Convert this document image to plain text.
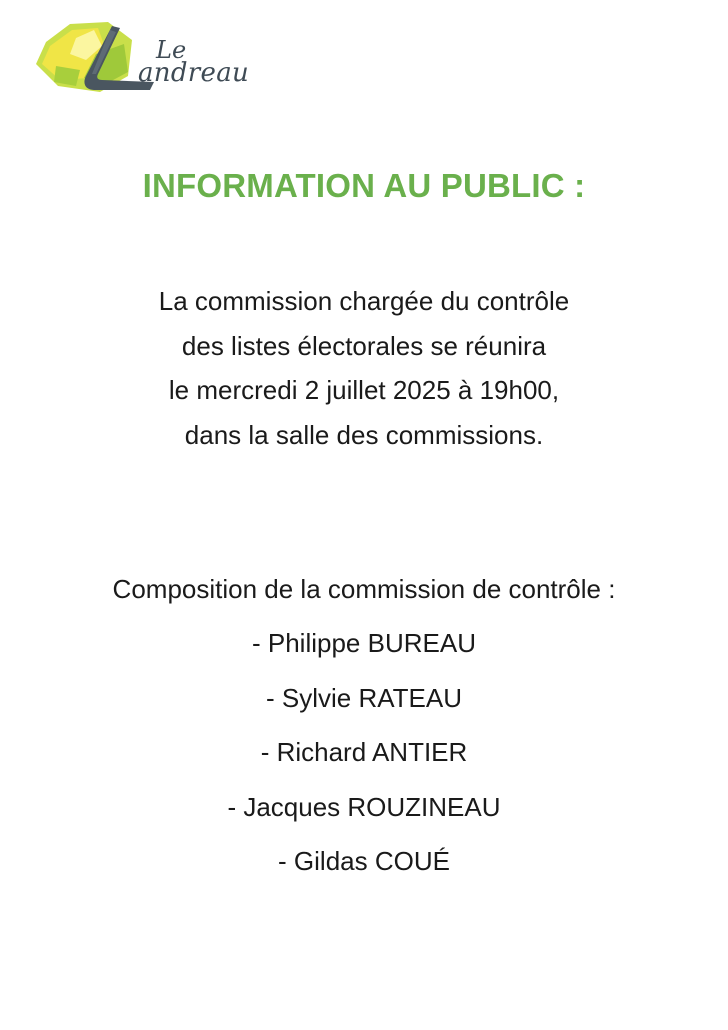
Le
andreau
INFORMATION AU PUBLIC :

La commission chargée du contrôle
des listes électorales se réunira
le mercredi 2 juillet 2025 à 19h00,
dans la salle des commissions.

Composition de la commission de contrôle :

- Philippe BUREAU
- Sylvie RATEAU
- Richard ANTIER
- Jacques ROUZINEAU
- Gildas COUÉ
